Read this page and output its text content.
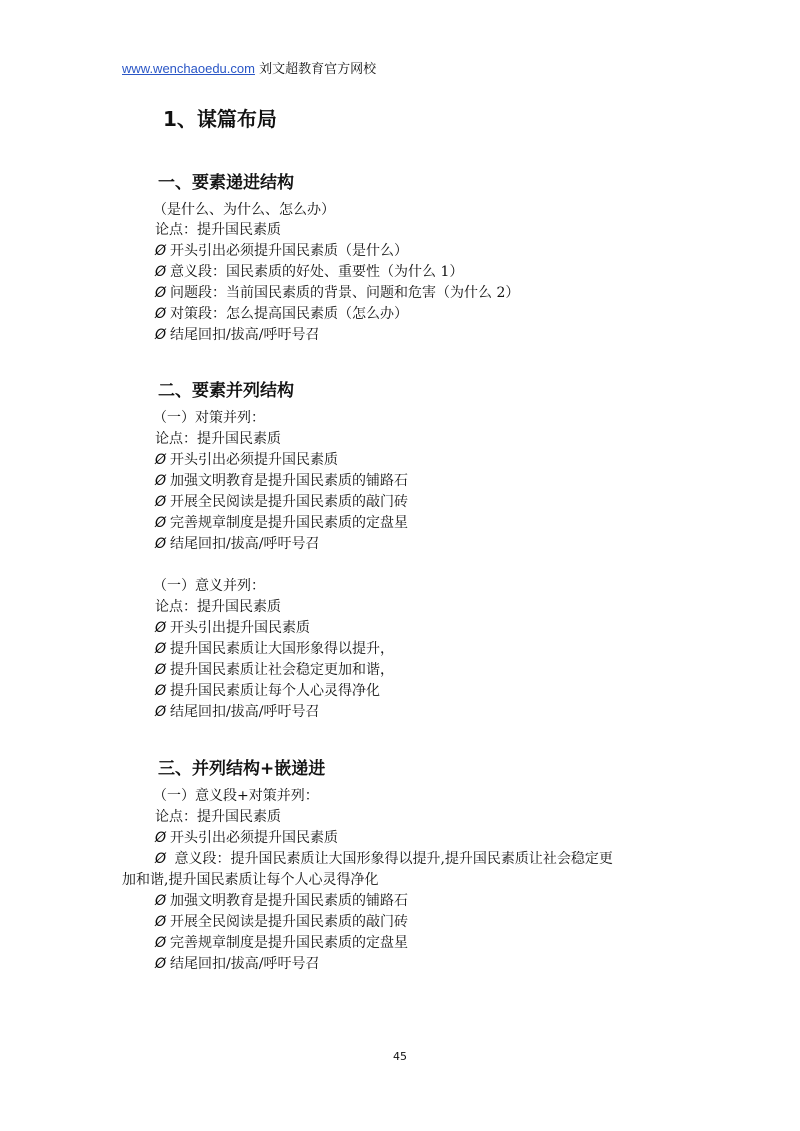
www.wenchaoedu.com 刘文超教育官方网校
1、谋篇布局
一、要素递进结构
（是什么、为什么、怎么办）
论点：提升国民素质
Ø 开头引出必须提升国民素质（是什么）
Ø 意义段：国民素质的好处、重要性（为什么 1）
Ø 问题段：当前国民素质的背景、问题和危害（为什么 2）
Ø 对策段：怎么提高国民素质（怎么办）
Ø 结尾回扣/拔高/呼吁号召
二、要素并列结构
（一）对策并列：
论点：提升国民素质
Ø 开头引出必须提升国民素质
Ø 加强文明教育是提升国民素质的铺路石
Ø 开展全民阅读是提升国民素质的敲门砖
Ø 完善规章制度是提升国民素质的定盘星
Ø 结尾回扣/拔高/呼吁号召
（一）意义并列：
论点：提升国民素质
Ø 开头引出提升国民素质
Ø 提升国民素质让大国形象得以提升，
Ø 提升国民素质让社会稳定更加和谐，
Ø 提升国民素质让每个人心灵得净化
Ø 结尾回扣/拔高/呼吁号召
三、并列结构+嵌递进
（一）意义段+对策并列：
论点：提升国民素质
Ø 开头引出必须提升国民素质
Ø 意义段：提升国民素质让大国形象得以提升,提升国民素质让社会稳定更
加和谐,提升国民素质让每个人心灵得净化
Ø 加强文明教育是提升国民素质的铺路石
Ø 开展全民阅读是提升国民素质的敲门砖
Ø 完善规章制度是提升国民素质的定盘星
Ø 结尾回扣/拔高/呼吁号召
45
